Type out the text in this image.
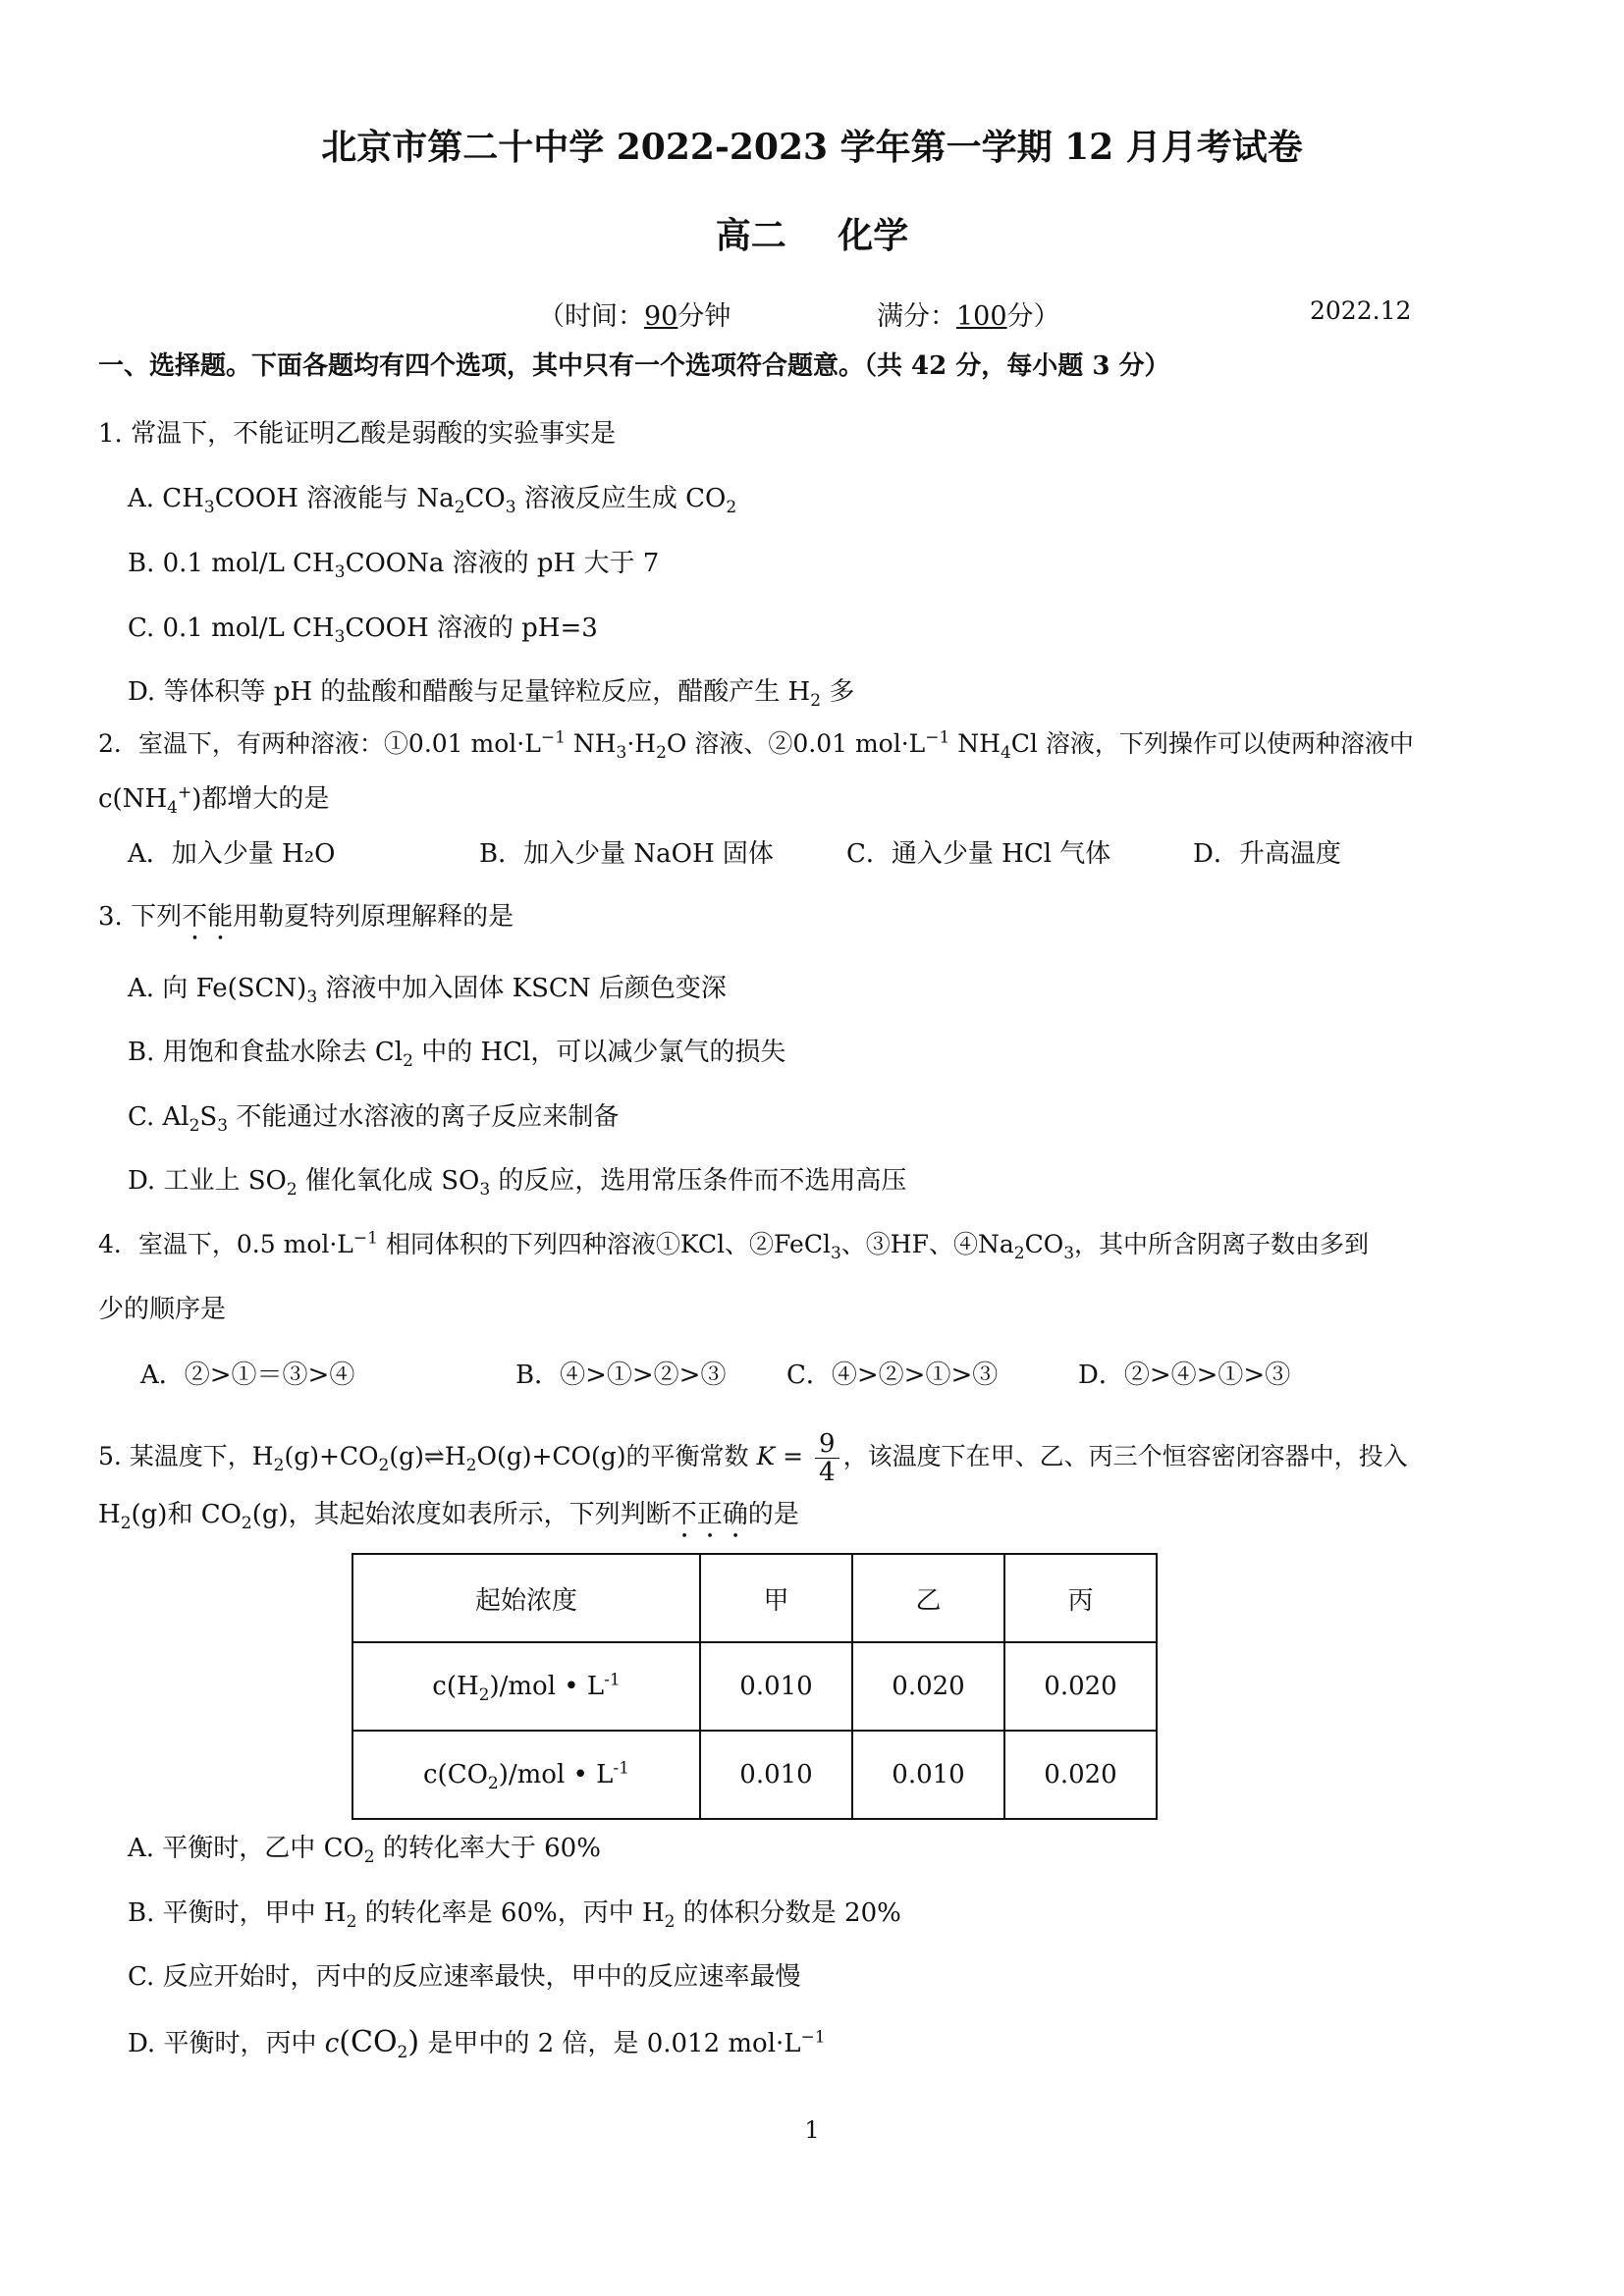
北京市第二十中学 2022-2023 学年第一学期 12 月月考试卷
高二 化学
（时间：90分钟	满分：100分）	2022.12
一、选择题。下面各题均有四个选项，其中只有一个选项符合题意。（共 42 分，每小题 3 分）
1. 常温下，不能证明乙酸是弱酸的实验事实是
A. $CH_3COOH$ 溶液能与 $Na_2CO_3$ 溶液反应生成 $CO_2$
B. 0.1 mol/L $CH_3COONa$ 溶液的 pH 大于 7
C. 0.1 mol/L $CH_3COOH$ 溶液的 pH=3
D. 等体积等 pH 的盐酸和醋酸与足量锌粒反应，醋酸产生 $H_2$ 多
2．室温下，有两种溶液：①0.01 $mol\cdot L^{-1}$ $NH_3\cdot H_2O$ 溶液、②0.01 $mol\cdot L^{-1}$ $NH_4Cl$ 溶液，下列操作可以使两种溶液中
$c(NH_4^+)$都增大的是
A．加入少量 H₂O	B．加入少量 NaOH 固体	C．通入少量 HCl 气体	D．升高温度
3. 下列不能用勒夏特列原理解释的是
A. 向 $Fe(SCN)_3$ 溶液中加入固体 KSCN 后颜色变深
B. 用饱和食盐水除去 $Cl_2$ 中的 HCl，可以减少氯气的损失
C. $Al_2S_3$ 不能通过水溶液的离子反应来制备
D. 工业上 $SO_2$ 催化氧化成 $SO_3$ 的反应，选用常压条件而不选用高压
4．室温下，0.5 $mol\cdot L^{-1}$ 相同体积的下列四种溶液①KCl、②FeCl$_3$、③HF、$④Na_2CO_3$，其中所含阴离子数由多到
少的顺序是
A．②>①＝③>④	B．④>①>②>③ C．④>②>①>③	D．②>④>①>③
5. 某温度下，$H_2(g)+CO_2(g)\rightleftharpoons H_2O(g)+CO(g)$的平衡常数 $K = \frac{9}{4}$ ，该温度下在甲、乙、丙三个恒容密闭容器中，投入
$H_2(g)$和 $CO_2(g)$，其起始浓度如表所示，下列判断不正确的是
起始浓度	甲	乙	丙
$c(H_2)$/mol • $L^{-1}$	0.010	0.020	0.020
$c(CO_2)$/mol • $L^{-1}$	0.010	0.010	0.020
A. 平衡时，乙中 $CO_2$ 的转化率大于 60%
B. 平衡时，甲中 $H_2$ 的转化率是 60%，丙中 $H_2$ 的体积分数是 20%
C. 反应开始时，丙中的反应速率最快，甲中的反应速率最慢
D. 平衡时，丙中 $c(CO_2)$ 是甲中的 2 倍，是 0.012 $mol\cdot L^{-1}$
1
